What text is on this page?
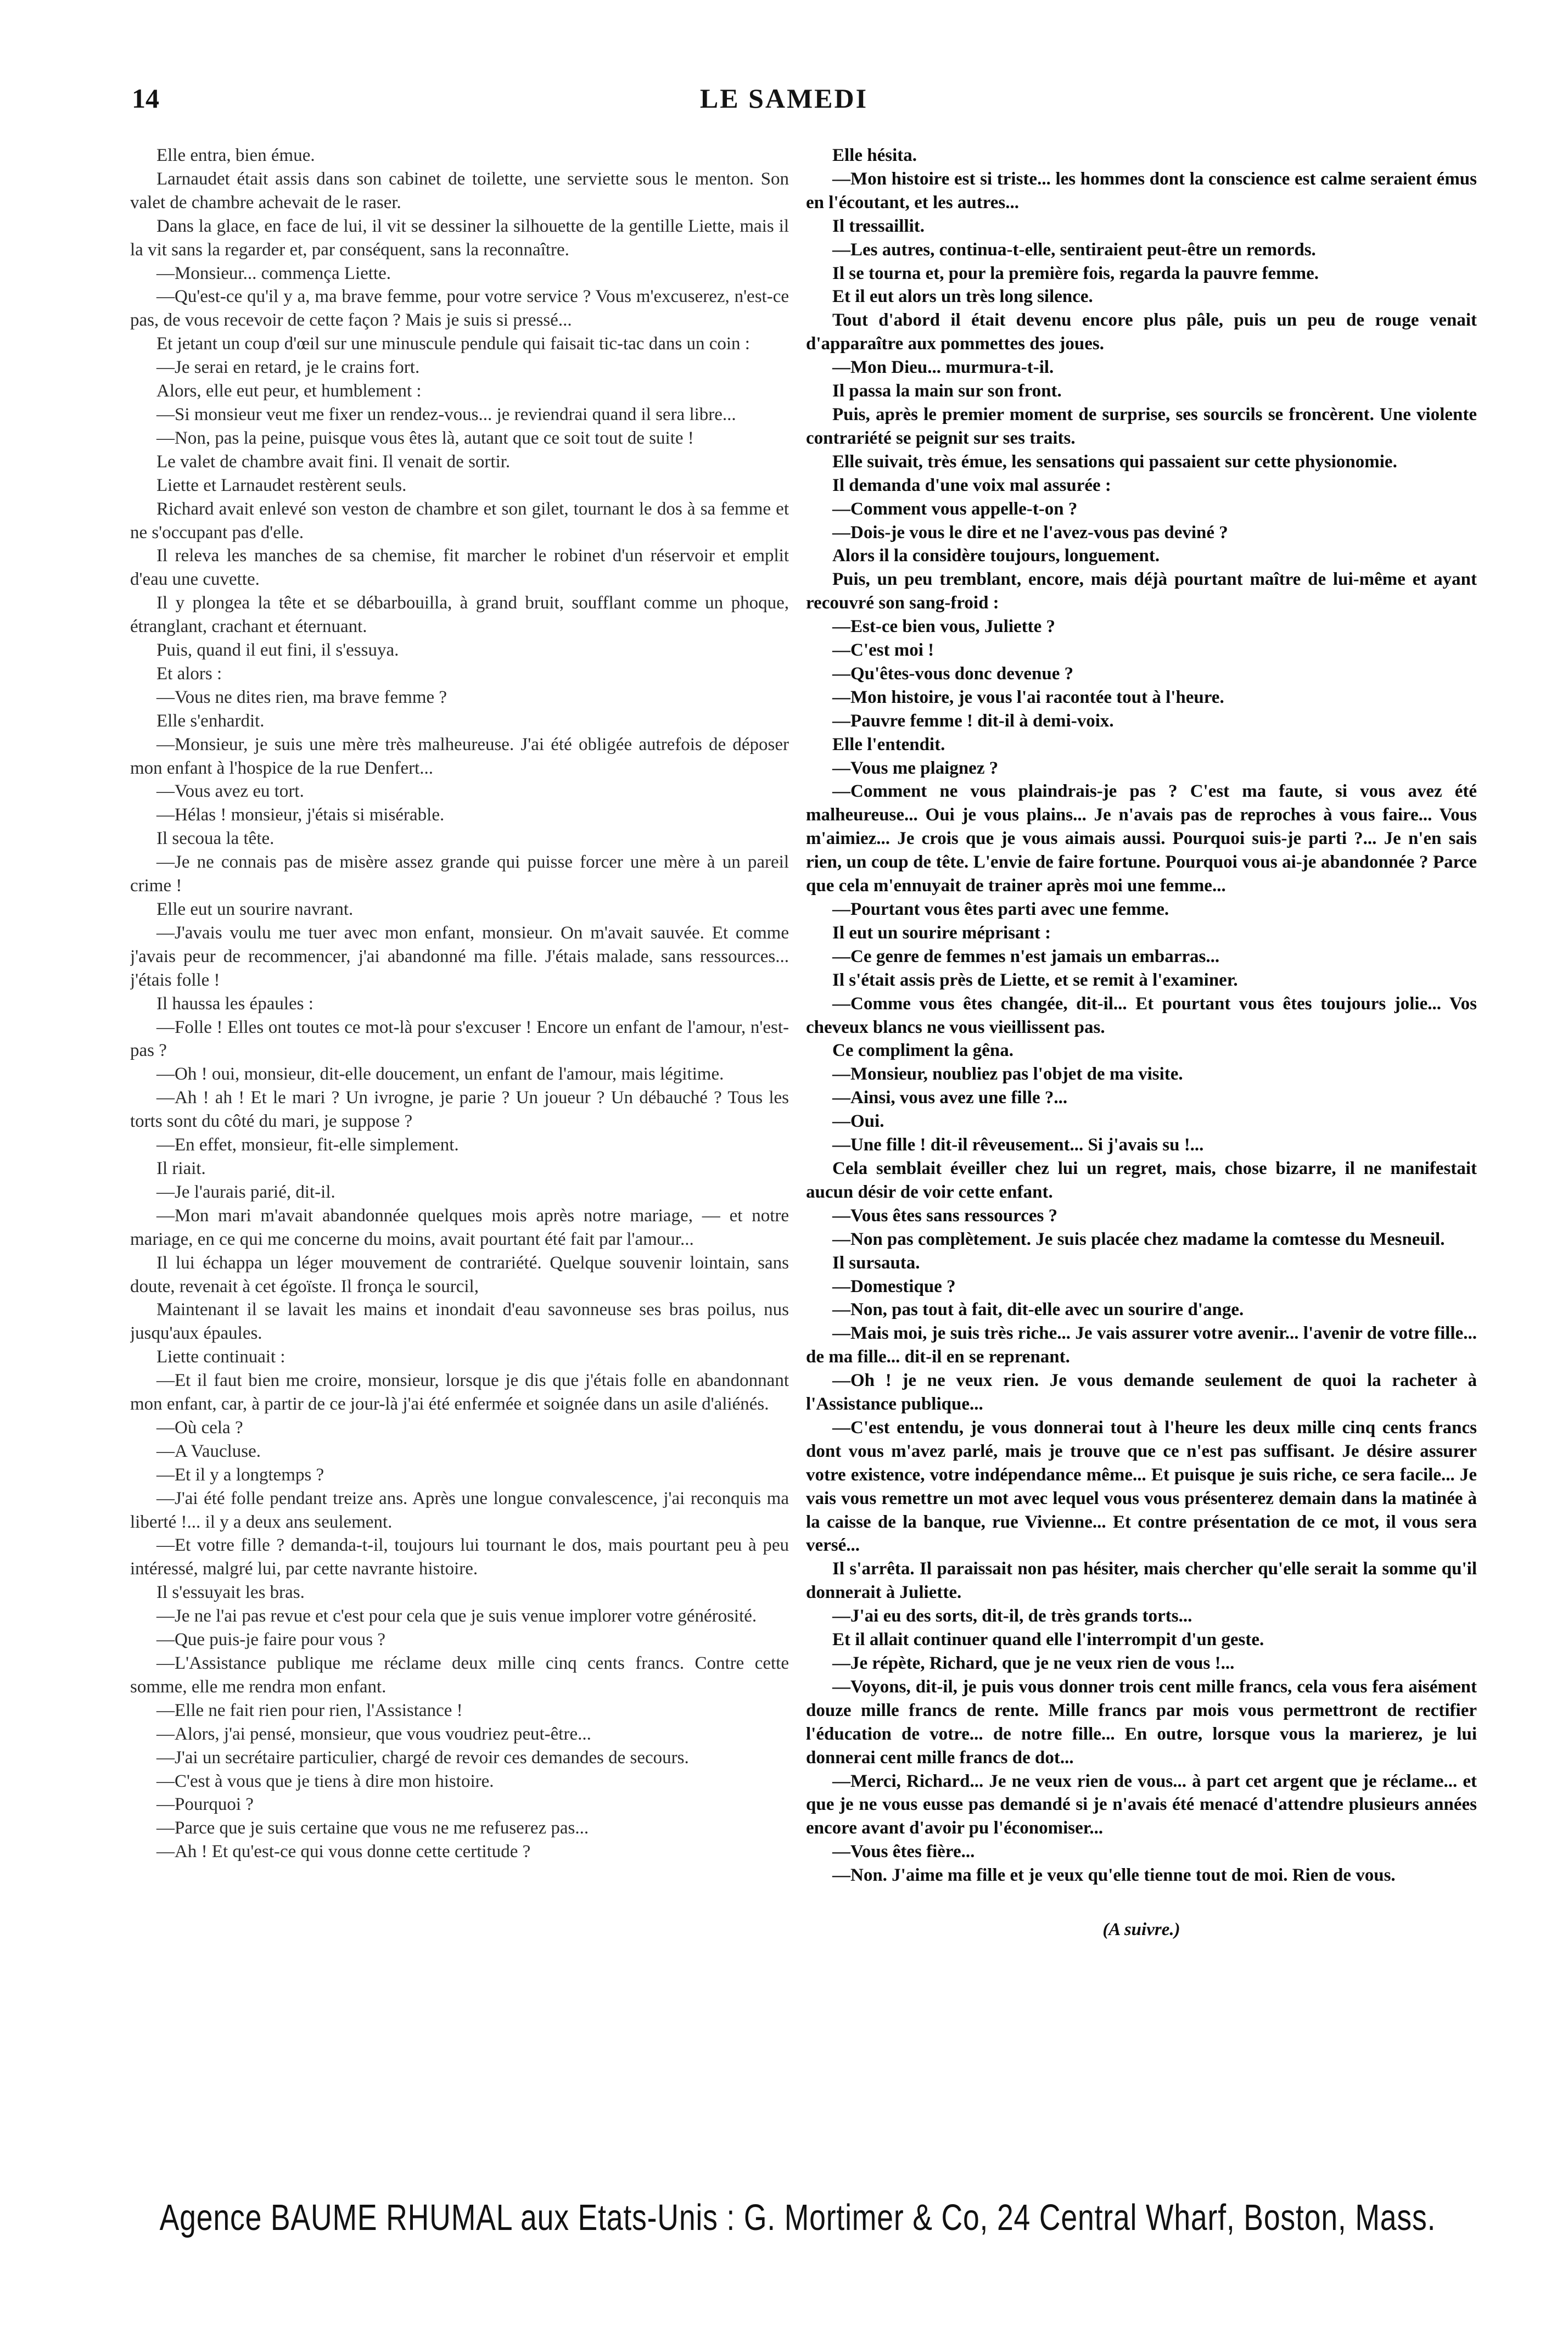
14	LE SAMEDI

Elle entra, bien émue.

Larnaudet était assis dans son cabinet de toilette, une serviette sous le menton. Son valet de chambre achevait de le raser.

Dans la glace, en face de lui, il vit se dessiner la silhouette de la gentille Liette, mais il la vit sans la regarder et, par conséquent, sans la reconnaître.

—Monsieur... commença Liette.

—Qu'est-ce qu'il y a, ma brave femme, pour votre service ? Vous m'excuserez, n'est-ce pas, de vous recevoir de cette façon ? Mais je suis si pressé...

Et jetant un coup d'œil sur une minuscule pendule qui faisait tic-tac dans un coin :

—Je serai en retard, je le crains fort.

Alors, elle eut peur, et humblement :

—Si monsieur veut me fixer un rendez-vous... je reviendrai quand il sera libre...

—Non, pas la peine, puisque vous êtes là, autant que ce soit tout de suite !

Le valet de chambre avait fini. Il venait de sortir.

Liette et Larnaudet restèrent seuls.

Richard avait enlevé son veston de chambre et son gilet, tournant le dos à sa femme et ne s'occupant pas d'elle.

Il releva les manches de sa chemise, fit marcher le robinet d'un réservoir et emplit d'eau une cuvette.

Il y plongea la tête et se débarbouilla, à grand bruit, soufflant comme un phoque, étranglant, crachant et éternuant.

Puis, quand il eut fini, il s'essuya.

Et alors :

—Vous ne dites rien, ma brave femme ?

Elle s'enhardit.

—Monsieur, je suis une mère très malheureuse. J'ai été obligée autrefois de déposer mon enfant à l'hospice de la rue Denfert...

—Vous avez eu tort.

—Hélas ! monsieur, j'étais si misérable.

Il secoua la tête.

—Je ne connais pas de misère assez grande qui puisse forcer une mère à un pareil crime !

Elle eut un sourire navrant.

—J'avais voulu me tuer avec mon enfant, monsieur. On m'avait sauvée. Et comme j'avais peur de recommencer, j'ai abandonné ma fille. J'étais malade, sans ressources... j'étais folle !

Il haussa les épaules :

—Folle ! Elles ont toutes ce mot-là pour s'excuser ! Encore un enfant de l'amour, n'est-pas ?

—Oh ! oui, monsieur, dit-elle doucement, un enfant de l'amour, mais légitime.

—Ah ! ah ! Et le mari ? Un ivrogne, je parie ? Un joueur ? Un débauché ? Tous les torts sont du côté du mari, je suppose ?

—En effet, monsieur, fit-elle simplement.

Il riait.

—Je l'aurais parié, dit-il.

—Mon mari m'avait abandonnée quelques mois après notre mariage, — et notre mariage, en ce qui me concerne du moins, avait pourtant été fait par l'amour...

Il lui échappa un léger mouvement de contrariété. Quelque souvenir lointain, sans doute, revenait à cet égoïste. Il fronça le sourcil,

Maintenant il se lavait les mains et inondait d'eau savonneuse ses bras poilus, nus jusqu'aux épaules.

Liette continuait :

—Et il faut bien me croire, monsieur, lorsque je dis que j'étais folle en abandonnant mon enfant, car, à partir de ce jour-là j'ai été enfermée et soignée dans un asile d'aliénés.

—Où cela ?

—A Vaucluse.

—Et il y a longtemps ?

—J'ai été folle pendant treize ans. Après une longue convalescence, j'ai reconquis ma liberté !... il y a deux ans seulement.

—Et votre fille ? demanda-t-il, toujours lui tournant le dos, mais pourtant peu à peu intéressé, malgré lui, par cette navrante histoire.

Il s'essuyait les bras.

—Je ne l'ai pas revue et c'est pour cela que je suis venue implorer votre générosité.

—Que puis-je faire pour vous ?

—L'Assistance publique me réclame deux mille cinq cents francs. Contre cette somme, elle me rendra mon enfant.

—Elle ne fait rien pour rien, l'Assistance !

—Alors, j'ai pensé, monsieur, que vous voudriez peut-être...

—J'ai un secrétaire particulier, chargé de revoir ces demandes de secours.

—C'est à vous que je tiens à dire mon histoire.

—Pourquoi ?

—Parce que je suis certaine que vous ne me refuserez pas...

—Ah ! Et qu'est-ce qui vous donne cette certitude ?

Elle hésita.

—Mon histoire est si triste... les hommes dont la conscience est calme seraient émus en l'écoutant, et les autres...

Il tressaillit.

—Les autres, continua-t-elle, sentiraient peut-être un remords.

Il se tourna et, pour la première fois, regarda la pauvre femme.

Et il eut alors un très long silence.

Tout d'abord il était devenu encore plus pâle, puis un peu de rouge venait d'apparaître aux pommettes des joues.

—Mon Dieu... murmura-t-il.

Il passa la main sur son front.

Puis, après le premier moment de surprise, ses sourcils se froncèrent. Une violente contrariété se peignit sur ses traits.

Elle suivait, très émue, les sensations qui passaient sur cette physionomie.

Il demanda d'une voix mal assurée :

—Comment vous appelle-t-on ?

—Dois-je vous le dire et ne l'avez-vous pas deviné ?

Alors il la considère toujours, longuement.

Puis, un peu tremblant, encore, mais déjà pourtant maître de lui-même et ayant recouvré son sang-froid :

—Est-ce bien vous, Juliette ?

—C'est moi !

—Qu'êtes-vous donc devenue ?

—Mon histoire, je vous l'ai racontée tout à l'heure.

—Pauvre femme ! dit-il à demi-voix.

Elle l'entendit.

—Vous me plaignez ?

—Comment ne vous plaindrais-je pas ? C'est ma faute, si vous avez été malheureuse... Oui je vous plains... Je n'avais pas de reproches à vous faire... Vous m'aimiez... Je crois que je vous aimais aussi. Pourquoi suis-je parti ?... Je n'en sais rien, un coup de tête. L'envie de faire fortune. Pourquoi vous ai-je abandonnée ? Parce que cela m'ennuyait de trainer après moi une femme...

—Pourtant vous êtes parti avec une femme.

Il eut un sourire méprisant :

—Ce genre de femmes n'est jamais un embarras...

Il s'était assis près de Liette, et se remit à l'examiner.

—Comme vous êtes changée, dit-il... Et pourtant vous êtes toujours jolie... Vos cheveux blancs ne vous vieillissent pas.

Ce compliment la gêna.

—Monsieur, noubliez pas l'objet de ma visite.

—Ainsi, vous avez une fille ?...

—Oui.

—Une fille ! dit-il rêveusement... Si j'avais su !...

Cela semblait éveiller chez lui un regret, mais, chose bizarre, il ne manifestait aucun désir de voir cette enfant.

—Vous êtes sans ressources ?

—Non pas complètement. Je suis placée chez madame la comtesse du Mesneuil.

Il sursauta.

—Domestique ?

—Non, pas tout à fait, dit-elle avec un sourire d'ange.

—Mais moi, je suis très riche... Je vais assurer votre avenir... l'avenir de votre fille... de ma fille... dit-il en se reprenant.

—Oh ! je ne veux rien. Je vous demande seulement de quoi la racheter à l'Assistance publique...

—C'est entendu, je vous donnerai tout à l'heure les deux mille cinq cents francs dont vous m'avez parlé, mais je trouve que ce n'est pas suffisant. Je désire assurer votre existence, votre indépendance même... Et puisque je suis riche, ce sera facile... Je vais vous remettre un mot avec lequel vous vous présenterez demain dans la matinée à la caisse de la banque, rue Vivienne... Et contre présentation de ce mot, il vous sera versé...

Il s'arrêta. Il paraissait non pas hésiter, mais chercher qu'elle serait la somme qu'il donnerait à Juliette.

—J'ai eu des sorts, dit-il, de très grands torts...

Et il allait continuer quand elle l'interrompit d'un geste.

—Je répète, Richard, que je ne veux rien de vous !...

—Voyons, dit-il, je puis vous donner trois cent mille francs, cela vous fera aisément douze mille francs de rente. Mille francs par mois vous permettront de rectifier l'éducation de votre... de notre fille... En outre, lorsque vous la marierez, je lui donnerai cent mille francs de dot...

—Merci, Richard... Je ne veux rien de vous... à part cet argent que je réclame... et que je ne vous eusse pas demandé si je n'avais été menacé d'attendre plusieurs années encore avant d'avoir pu l'économiser...

—Vous êtes fière...

—Non. J'aime ma fille et je veux qu'elle tienne tout de moi. Rien de vous.

(A suivre.)

Agence BAUME RHUMAL aux Etats-Unis : G. Mortimer & Co, 24 Central Wharf, Boston, Mass.
